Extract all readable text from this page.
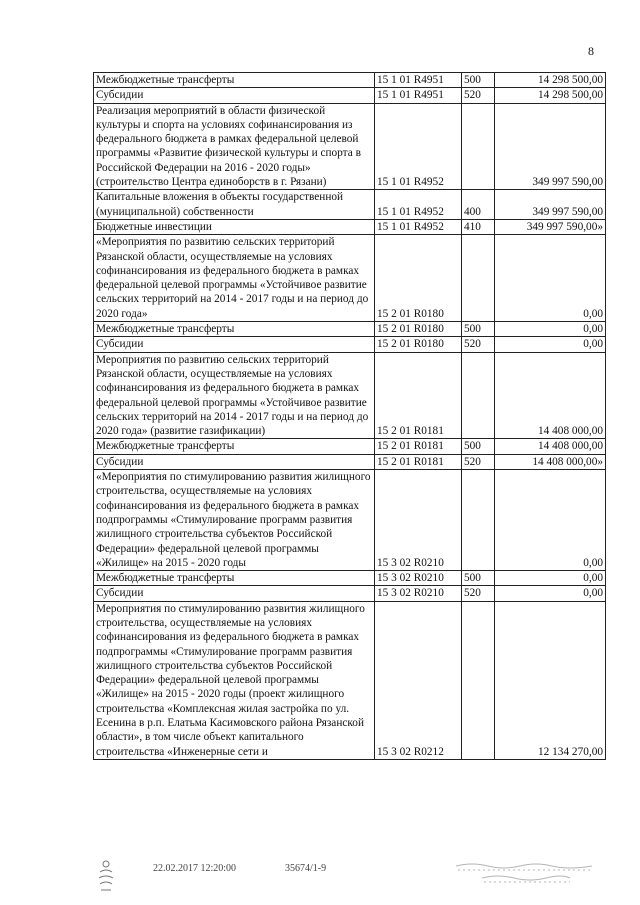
8
Межбюджетные трансферты	15 1 01 R4951	500	14 298 500,00
Субсидии	15 1 01 R4951	520	14 298 500,00
Реализация мероприятий в области физической культуры и спорта на условиях софинансирования из федерального бюджета в рамках федеральной целевой программы «Развитие физической культуры и спорта в Российской Федерации на 2016 - 2020 годы» (строительство Центра единоборств в г. Рязани)	15 1 01 R4952		349 997 590,00
Капитальные вложения в объекты государственной (муниципальной) собственности	15 1 01 R4952	400	349 997 590,00
Бюджетные инвестиции	15 1 01 R4952	410	349 997 590,00»
«Мероприятия по развитию сельских территорий Рязанской области, осуществляемые на условиях софинансирования из федерального бюджета в рамках федеральной целевой программы «Устойчивое развитие сельских территорий на 2014 - 2017 годы и на период до 2020 года»	15 2 01 R0180		0,00
Межбюджетные трансферты	15 2 01 R0180	500	0,00
Субсидии	15 2 01 R0180	520	0,00
Мероприятия по развитию сельских территорий Рязанской области, осуществляемые на условиях софинансирования из федерального бюджета в рамках федеральной целевой программы «Устойчивое развитие сельских территорий на 2014 - 2017 годы и на период до 2020 года» (развитие газификации)	15 2 01 R0181		14 408 000,00
Межбюджетные трансферты	15 2 01 R0181	500	14 408 000,00
Субсидии	15 2 01 R0181	520	14 408 000,00»
«Мероприятия по стимулированию развития жилищного строительства, осуществляемые на условиях софинансирования из федерального бюджета в рамках подпрограммы «Стимулирование программ развития жилищного строительства субъектов Российской Федерации» федеральной целевой программы «Жилище» на 2015 - 2020 годы	15 3 02 R0210		0,00
Межбюджетные трансферты	15 3 02 R0210	500	0,00
Субсидии	15 3 02 R0210	520	0,00
Мероприятия по стимулированию развития жилищного строительства, осуществляемые на условиях софинансирования из федерального бюджета в рамках подпрограммы «Стимулирование программ развития жилищного строительства субъектов Российской Федерации» федеральной целевой программы «Жилище» на 2015 - 2020 годы (проект жилищного строительства «Комплексная жилая застройка по ул. Есенина в р.п. Елатьма Касимовского района Рязанской области», в том числе объект капитального строительства «Инженерные сети и	15 3 02 R0212		12 134 270,00
22.02.2017 12:20:00	35674/1-9
